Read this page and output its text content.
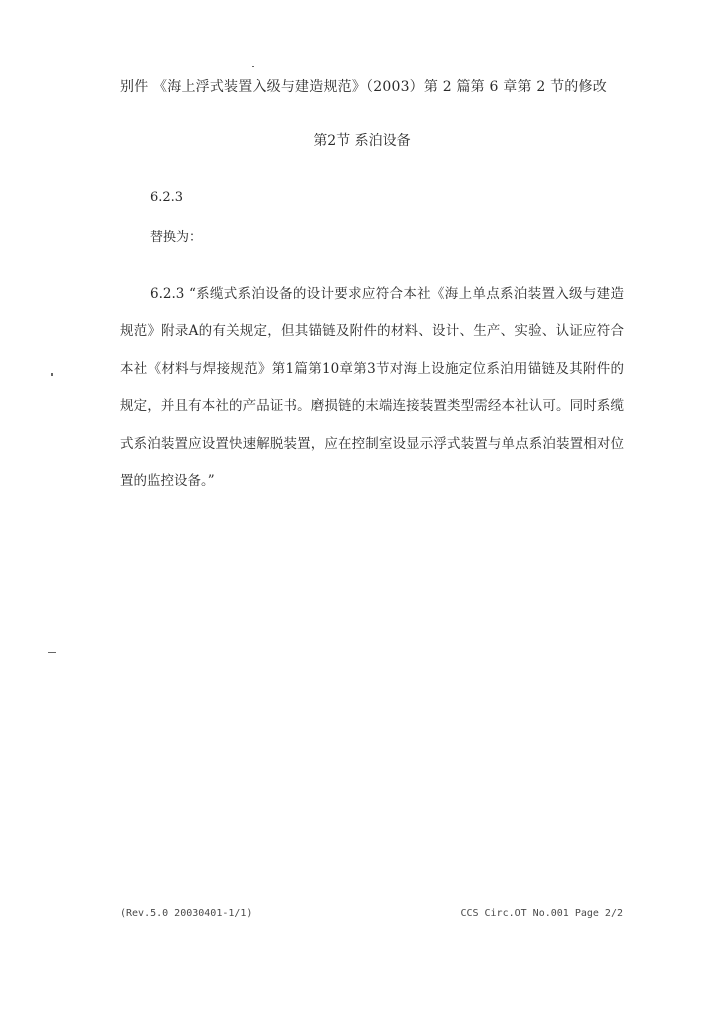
别件 《海上浮式装置入级与建造规范》（2003）第 2 篇第 6 章第 2 节的修改
第2节 系泊设备
6.2.3
替换为：

6.2.3 “系缆式系泊设备的设计要求应符合本社《海上单点系泊装置入级与建造规范》附录A的有关规定，但其锚链及附件的材料、设计、生产、实验、认证应符合本社《材料与焊接规范》第1篇第10章第3节对海上设施定位系泊用锚链及其附件的规定，并且有本社的产品证书。磨损链的末端连接装置类型需经本社认可。同时系缆式系泊装置应设置快速解脱装置，应在控制室设显示浮式装置与单点系泊装置相对位置的监控设备。”

(Rev.5.0 20030401-1/1)	CCS Circ.OT No.001 Page 2/2
